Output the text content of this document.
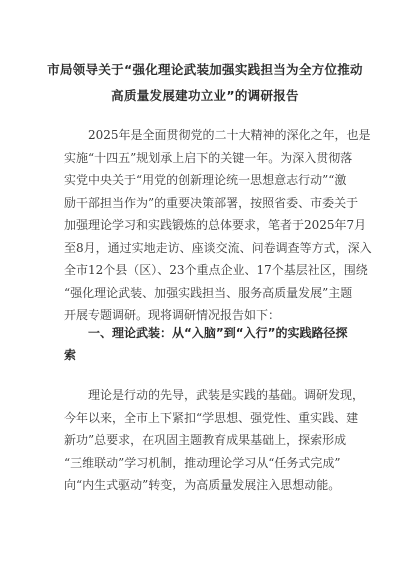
市局领导关于“强化理论武装加强实践担当为全方位推动
高质量发展建功立业”的调研报告
2025年是全面贯彻党的二十大精神的深化之年，也是
实施“十四五”规划承上启下的关键一年。为深入贯彻落
实党中央关于“用党的创新理论统一思想意志行动”“激
励干部担当作为”的重要决策部署，按照省委、市委关于
加强理论学习和实践锻炼的总体要求，笔者于2025年7月
至8月，通过实地走访、座谈交流、问卷调查等方式，深入
全市12个县（区）、23个重点企业、17个基层社区，围绕
“强化理论武装、加强实践担当、服务高质量发展”主题
开展专题调研。现将调研情况报告如下：
一、理论武装：从“入脑”到“入行”的实践路径探
索
理论是行动的先导，武装是实践的基础。调研发现，
今年以来，全市上下紧扣“学思想、强党性、重实践、建
新功”总要求，在巩固主题教育成果基础上，探索形成
“三维联动”学习机制，推动理论学习从“任务式完成”
向“内生式驱动”转变，为高质量发展注入思想动能。
